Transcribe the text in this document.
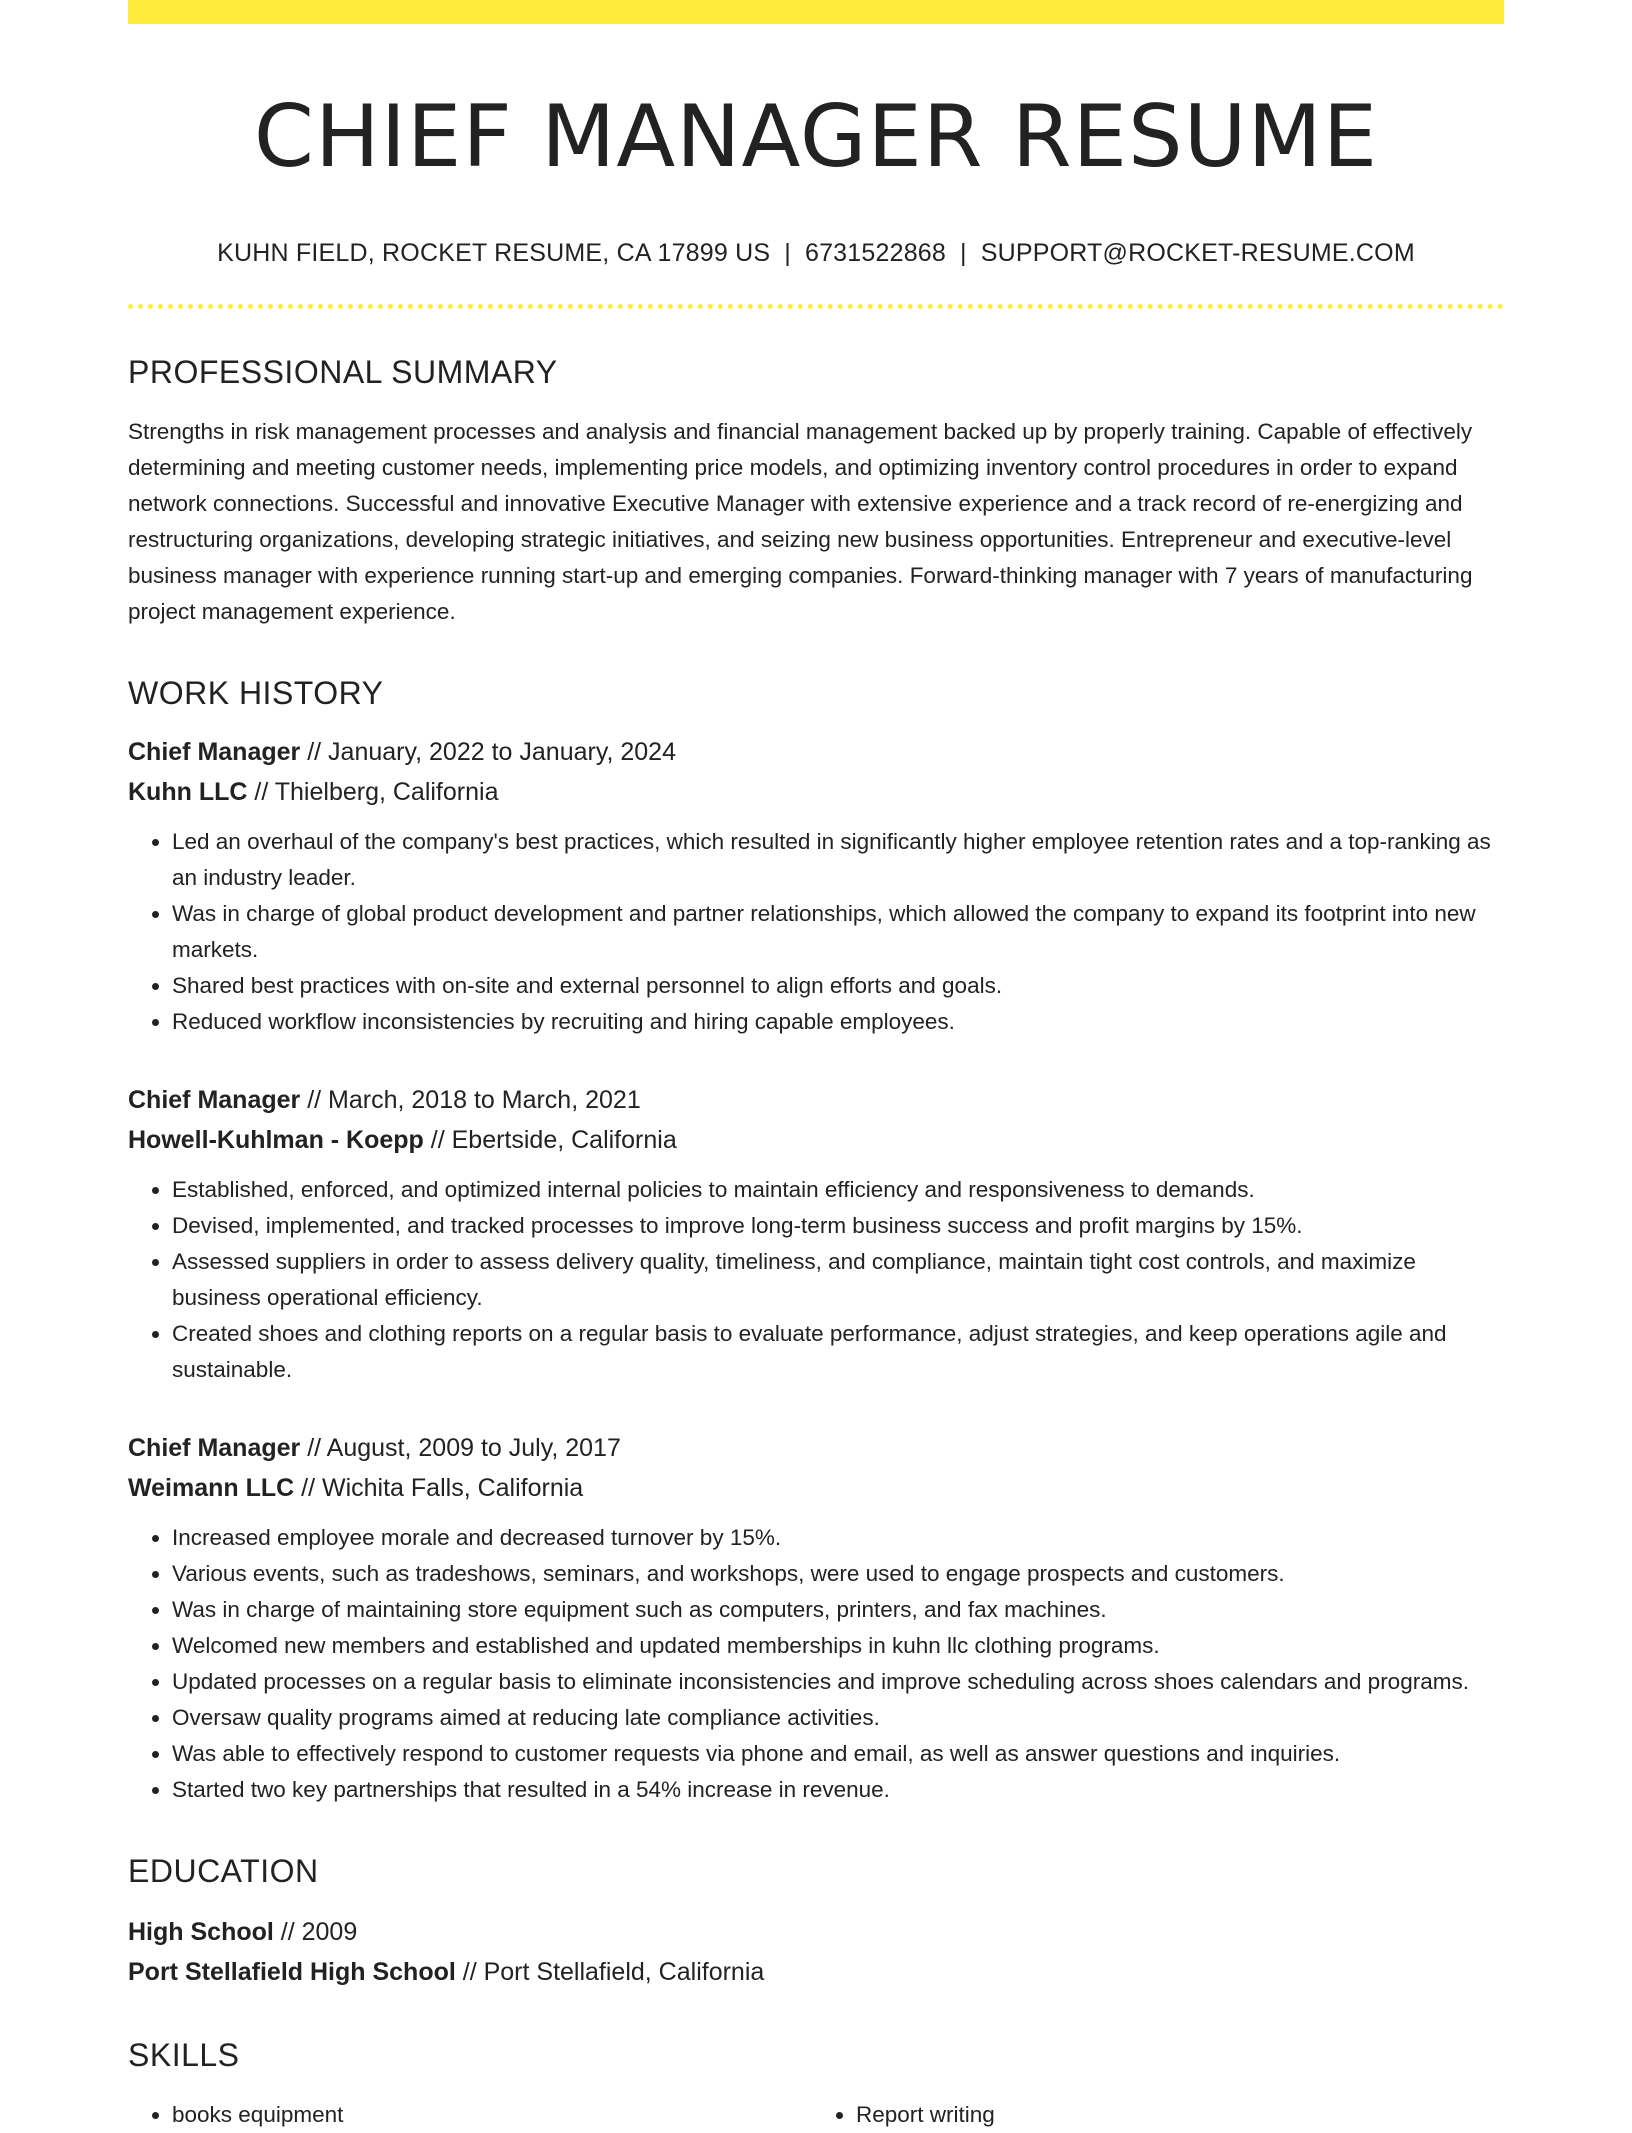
CHIEF MANAGER RESUME
KUHN FIELD, ROCKET RESUME, CA 17899 US | 6731522868 | SUPPORT@ROCKET-RESUME.COM
PROFESSIONAL SUMMARY
Strengths in risk management processes and analysis and financial management backed up by properly training. Capable of effectively determining and meeting customer needs, implementing price models, and optimizing inventory control procedures in order to expand network connections. Successful and innovative Executive Manager with extensive experience and a track record of re-energizing and restructuring organizations, developing strategic initiatives, and seizing new business opportunities. Entrepreneur and executive-level business manager with experience running start-up and emerging companies. Forward-thinking manager with 7 years of manufacturing project management experience.
WORK HISTORY
Chief Manager // January, 2022 to January, 2024
Kuhn LLC // Thielberg, California
• Led an overhaul of the company's best practices, which resulted in significantly higher employee retention rates and a top-ranking as an industry leader.
• Was in charge of global product development and partner relationships, which allowed the company to expand its footprint into new markets.
• Shared best practices with on-site and external personnel to align efforts and goals.
• Reduced workflow inconsistencies by recruiting and hiring capable employees.
Chief Manager // March, 2018 to March, 2021
Howell-Kuhlman - Koepp // Ebertside, California
• Established, enforced, and optimized internal policies to maintain efficiency and responsiveness to demands.
• Devised, implemented, and tracked processes to improve long-term business success and profit margins by 15%.
• Assessed suppliers in order to assess delivery quality, timeliness, and compliance, maintain tight cost controls, and maximize business operational efficiency.
• Created shoes and clothing reports on a regular basis to evaluate performance, adjust strategies, and keep operations agile and sustainable.
Chief Manager // August, 2009 to July, 2017
Weimann LLC // Wichita Falls, California
• Increased employee morale and decreased turnover by 15%.
• Various events, such as tradeshows, seminars, and workshops, were used to engage prospects and customers.
• Was in charge of maintaining store equipment such as computers, printers, and fax machines.
• Welcomed new members and established and updated memberships in kuhn llc clothing programs.
• Updated processes on a regular basis to eliminate inconsistencies and improve scheduling across shoes calendars and programs.
• Oversaw quality programs aimed at reducing late compliance activities.
• Was able to effectively respond to customer requests via phone and email, as well as answer questions and inquiries.
• Started two key partnerships that resulted in a 54% increase in revenue.
EDUCATION
High School // 2009
Port Stellafield High School // Port Stellafield, California
SKILLS
• books equipment
•	Report writing
